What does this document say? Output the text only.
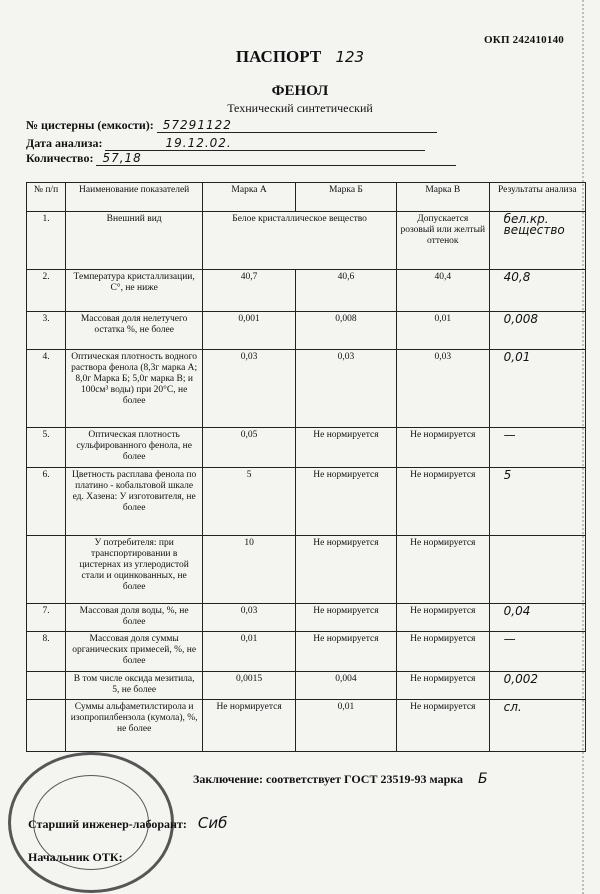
ОКП 242410140
ПАСПОРТ 123
ФЕНОЛ
Технический синтетический
№ цистерны (емкости): 57291122
Дата анализа:	19.12.02.
Количество: 57,18
№ п/п	Наименование показателей	Марка А	Марка Б	Марка В	Результаты анализа
1.	Внешний вид	Белое кристаллическое вещество		Допускается розовый или желтый оттенок	бел.кр. вещество
2.	Температура кристаллизации, С°, не ниже	40,7	40,6	40,4	40,8
3.	Массовая доля нелетучего остатка %, не более	0,001	0,008	0,01	0,008
4.	Оптическая плотность водного раствора фенола (8,3г марка А; 8,0г Марка Б; 5,0г марка В; и 100см³ воды) при 20°С, не более	0,03	0,03	0,03	0,01
5.	Оптическая плотность сульфированного фенола, не более	0,05	Не нормируется	Не нормируется	—
6.	Цветность расплава фенола по платино - кобальтовой шкале ед. Хазена: У изготовителя, не более	5	Не нормируется	Не нормируется	5
	У потребителя: при транспортировании в цистернах из углеродистой стали и оцинкованных, не более	10	Не нормируется	Не нормируется	
7.	Массовая доля воды, %, не более	0,03	Не нормируется	Не нормируется	0,04
8.	Массовая доля суммы органических примесей, %, не более	0,01	Не нормируется	Не нормируется	—
	В том числе оксида мезитила, 5, не более	0,0015	0,004	Не нормируется	0,002
	Суммы альфаметилстирола и изопропилбензола (кумола), %, не более	Не нормируется	0,01	Не нормируется	сл.
Заключение: соответствует ГОСТ 23519-93 марка Б
Старший инженер-лаборант: Сиб
Начальник ОТК:
